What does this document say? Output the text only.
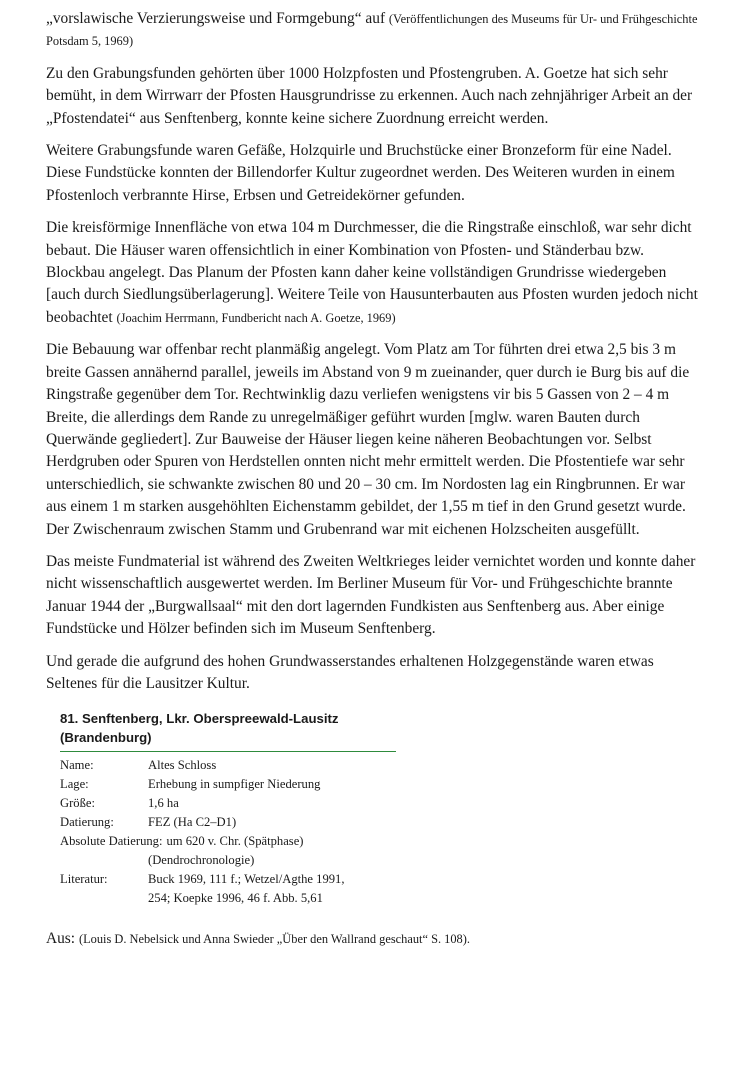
„vorslawische Verzierungsweise und Formgebung“ auf (Veröffentlichungen des Museums für Ur- und Frühgeschichte Potsdam 5, 1969)

Zu den Grabungsfunden gehörten über 1000 Holzpfosten und Pfostengruben. A. Goetze hat sich sehr bemüht, in dem Wirrwarr der Pfosten Hausgrundrisse zu erkennen. Auch nach zehnjähriger Arbeit an der „Pfostendatei“ aus Senftenberg, konnte keine sichere Zuordnung erreicht werden.

Weitere Grabungsfunde waren Gefäße, Holzquirle und Bruchstücke einer Bronzeform für eine Nadel. Diese Fundstücke konnten der Billendorfer Kultur zugeordnet werden. Des Weiteren wurden in einem Pfostenloch verbrannte Hirse, Erbsen und Getreidekörner gefunden.

Die kreisförmige Innenfläche von etwa 104 m Durchmesser, die die Ringstraße einschloß, war sehr dicht bebaut. Die Häuser waren offensichtlich in einer Kombination von Pfosten- und Ständerbau bzw. Blockbau angelegt. Das Planum der Pfosten kann daher keine vollständigen Grundrisse wiedergeben [auch durch Siedlungsüberlagerung]. Weitere Teile von Hausunterbauten aus Pfosten wurden jedoch nicht beobachtet (Joachim Herrmann, Fundbericht nach A. Goetze, 1969)

Die Bebauung war offenbar recht planmäßig angelegt. Vom Platz am Tor führten drei etwa 2,5 bis 3 m breite Gassen annähernd parallel, jeweils im Abstand von 9 m zueinander, quer durch ie Burg bis auf die Ringstraße gegenüber dem Tor. Rechtwinklig dazu verliefen wenigstens vir bis 5 Gassen von 2 – 4 m Breite, die allerdings dem Rande zu unregelmäßiger geführt wurden [mglw. waren Bauten durch Querwände gegliedert]. Zur Bauweise der Häuser liegen keine näheren Beobachtungen vor. Selbst Herdgruben oder Spuren von Herdstellen onnten nicht mehr ermittelt werden. Die Pfostentiefe war sehr unterschiedlich, sie schwankte zwischen 80 und 20 – 30 cm. Im Nordosten lag ein Ringbrunnen. Er war aus einem 1 m starken ausgehöhlten Eichenstamm gebildet, der 1,55 m tief in den Grund gesetzt wurde. Der Zwischenraum zwischen Stamm und Grubenrand war mit eichenen Holzscheiten ausgefüllt.

Das meiste Fundmaterial ist während des Zweiten Weltkrieges leider vernichtet worden und konnte daher nicht wissenschaftlich ausgewertet werden. Im Berliner Museum für Vor- und Frühgeschichte brannte Januar 1944 der „Burgwallsaal“ mit den dort lagernden Fundkisten aus Senftenberg aus. Aber einige Fundstücke und Hölzer befinden sich im Museum Senftenberg.

Und gerade die aufgrund des hohen Grundwasserstandes erhaltenen Holzgegenstände waren etwas Seltenes für die Lausitzer Kultur.

81. Senftenberg, Lkr. Oberspreewald-Lausitz (Brandenburg)
Name:	Altes Schloss
Lage:	Erhebung in sumpfiger Niederung
Größe:	1,6 ha
Datierung:	FEZ (Ha C2–D1)
Absolute Datierung: um 620 v. Chr. (Spätphase)
(Dendrochronologie)
Literatur:	Buck 1969, 111 f.; Wetzel/Agthe 1991,
254; Koepke 1996, 46 f. Abb. 5,61

Aus: (Louis D. Nebelsick und Anna Swieder „Über den Wallrand geschaut“ S. 108).
